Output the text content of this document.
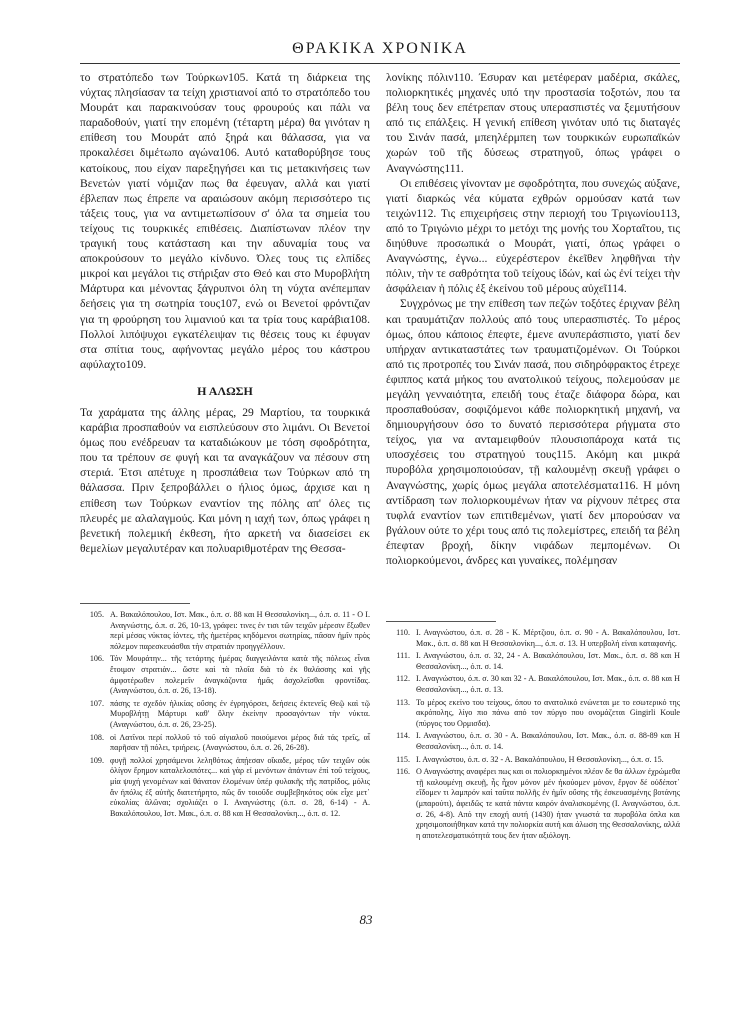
ΘΡΑΚΙΚΑ ΧΡΟΝΙΚΑ

το στρατόπεδο των Τούρκων105. Κατά τη διάρκεια της νύχτας πλησίασαν τα τείχη χριστιανοί από το στρατόπεδο του Μουράτ και παρακινούσαν τους φρουρούς και πάλι να παραδοθούν, γιατί την επομένη (τέταρτη μέρα) θα γινόταν η επίθεση του Μουράτ από ξηρά και θάλασσα, για να προκαλέσει διμέτωπο αγώνα106. Αυτό καταθορύβησε τους κατοίκους, που είχαν παρεξηγήσει και τις μετακινήσεις των Βενετών γιατί νόμιζαν πως θα έφευγαν, αλλά και γιατί έβλεπαν πως έπρεπε να αραιώσουν ακόμη περισσότερο τις τάξεις τους, για να αντιμετωπίσουν σ' όλα τα σημεία του τείχους τις τουρκικές επιθέσεις. Διαπίστωναν πλέον την τραγική τους κατάσταση και την αδυναμία τους να αποκρούσουν το μεγάλο κίνδυνο. Όλες τους τις ελπίδες μικροί και μεγάλοι τις στήριξαν στο Θεό και στο Μυροβλήτη Μάρτυρα και μένοντας ξάγρυπνοι όλη τη νύχτα ανέπεμπαν δεήσεις για τη σωτηρία τους107, ενώ οι Βενετοί φρόντιζαν για τη φρούρηση του λιμανιού και τα τρία τους καράβια108. Πολλοί λιπόψυχοι εγκατέλειψαν τις θέσεις τους κι έφυγαν στα σπίτια τους, αφήνοντας μεγάλο μέρος του κάστρου αφύλαχτο109.

Η ΑΛΩΣΗ

Τα χαράματα της άλλης μέρας, 29 Μαρτίου, τα τουρκικά καράβια προσπαθούν να εισπλεύσουν στο λιμάνι. Οι Βενετοί όμως που ενέδρευαν τα καταδιώκουν με τόση σφοδρότητα, που τα τρέπουν σε φυγή και τα αναγκάζουν να πέσουν στη στεριά. Έτσι απέτυχε η προσπάθεια των Τούρκων από τη θάλασσα. Πριν ξεπροβάλλει ο ήλιος όμως, άρχισε και η επίθεση των Τούρκων εναντίον της πόλης απ' όλες τις πλευρές με αλαλαγμούς. Και μόνη η ιαχή των, όπως γράφει η βενετική πολεμική έκθεση, ήτο αρκετή να διασείσει εκ θεμελίων μεγαλυτέραν και πολυαριθμοτέραν της Θεσσα-

λονίκης πόλιν110. Έσυραν και μετέφεραν μαδέρια, σκάλες, πολιορκητικές μηχανές υπό την προστασία τοξοτών, που τα βέλη τους δεν επέτρεπαν στους υπερασπιστές να ξεμυτήσουν από τις επάλξεις. Η γενική επίθεση γινόταν υπό τις διαταγές του Σινάν πασά, μπεηλέρμπεη των τουρκικών ευρωπαϊκών χωρών τοῦ τῆς δύσεως στρατηγοῦ, όπως γράφει ο Αναγνώστης111.

Οι επιθέσεις γίνονταν με σφοδρότητα, που συνεχώς αύξανε, γιατί διαρκώς νέα κύματα εχθρών ορμούσαν κατά των τειχών112. Τις επιχειρήσεις στην περιοχή του Τριγωνίου113, από το Τριγώνιο μέχρι το μετόχι της μονής του Χορταΐτου, τις διηύθυνε προσωπικά ο Μουράτ, γιατί, όπως γράφει ο Αναγνώστης, ἐγνω... εὐχερέστερον ἐκεῖθεν ληφθῆναι τὴν πόλιν, τὴν τε σαθρότητα τοῦ τείχους ἰδών, καί ὡς ἐνί τείχει τὴν ἀσφάλειαν ἡ πόλις ἐξ ἐκείνου τοῦ μέρους αὐχεῖ114.

Συγχρόνως με την επίθεση των πεζών τοξότες έριχναν βέλη και τραυμάτιζαν πολλούς από τους υπερασπιστές. Το μέρος όμως, όπου κάποιος έπεφτε, έμενε ανυπεράσπιστο, γιατί δεν υπήρχαν αντικαταστάτες των τραυματιζομένων. Οι Τούρκοι από τις προτροπές του Σινάν πασά, που σιδηρόφρακτος έτρεχε έφιππος κατά μήκος του ανατολικού τείχους, πολεμούσαν με μεγάλη γενναιότητα, επειδή τους έταζε διάφορα δώρα, και προσπαθούσαν, σοφιζόμενοι κάθε πολιορκητική μηχανή, να δημιουργήσουν όσο το δυνατό περισσότερα ρήγματα στο τείχος, για να ανταμειφθούν πλουσιοπάροχα κατά τις υποσχέσεις του στρατηγού τους115. Ακόμη και μικρά πυροβόλα χρησιμοποιούσαν, τῇ καλουμένῃ σκευῇ γράφει ο Αναγνώστης, χωρίς όμως μεγάλα αποτελέσματα116. Η μόνη αντίδραση των πολιορκουμένων ήταν να ρίχνουν πέτρες στα τυφλά εναντίον των επιτιθεμένων, γιατί δεν μπορούσαν να βγάλουν ούτε το χέρι τους από τις πολεμίστρες, επειδή τα βέλη έπεφταν βροχή, δίκην νιφάδων πεμπομένων. Οι πολιορκούμενοι, άνδρες και γυναίκες, πολέμησαν

105. Α. Βακαλόπουλου, Ιστ. Μακ., ό.π. σ. 88 και Η Θεσσαλονίκη..., ό.π. σ. 11 - Ο Ι. Αναγνώστης, ό.π. σ. 26, 10-13, γράφει: τινες ἐν τισι τῶν τειχῶν μέρεσιν ἔξωθεν περί μέσας νύκτας ἰόντες, τῆς ἡμετέρας κηδόμενοι σωτηρίας, πᾶσαν ἡμῖν πρὸς πόλεμον παρεσκευάσθαι τὴν στρατιάν προηγγέλλουν.
106. Τόν Μουράτην... τῆς τετάρτης ἡμέρας διαγγειλάντα κατὰ τῆς πόλεως εἶναι ἔτοιμον στρατιὰν... ὥστε καὶ τὰ πλοῖα διὰ τὸ ἐκ θαλάσσης καὶ γῆς ἀμφοτέρωθεν πολεμεῖν ἀναγκάζοντα ἡμᾶς ἀσχολεῖσθαι φροντίδας. (Αναγνώστου, ό.π. σ. 26, 13-18).
107. πάσης τε σχεδόν ἡλικίας οὔσης ἐν ἐγρηγόρσει, δεήσεις ἐκτενεῖς Θεῷ καὶ τῷ Μυροβλήτῃ Μάρτυρι καθ' ὅλην ἐκείνην προσαγόντων τὴν νύκτα. (Αναγνώστου, ό.π. σ. 26, 23-25).
108. οἱ Λατῖνοι περί πολλοῦ τό τοῦ αἰγιαλοῦ ποιούμενοι μέρος διά τάς τρεῖς, αἷ παρῆσαν τῇ πόλει, τριήρεις. (Αναγνώστου, ό.π. σ. 26, 26-28).
109. φυγῇ πολλοί χρησάμενοι λεληθότως ἀπῄεσαν οἴκαδε, μέρος τῶν τειχῶν οὐκ ὀλίγον ἔρημον καταλελοιπότες... καὶ γὰρ εἰ μενόντων ἁπάντων ἐπί τοῦ τείχους, μία ψυχή γενομένων καὶ θάνατον ἑλομένων ὑπέρ φυλακῆς τῆς πατρίδος, μόλις ἄν ἠπόλις ἐξ αὐτῆς διατετήρητο, πῶς ἄν τοιοῦδε συμβεβηκότος οὐκ εἶχε μετ᾽ εὐκολίας ἁλῶναι; σχολιάζει ο Ι. Αναγνώστης (ό.π. σ. 28, 6-14) - Α. Βακαλόπουλου, Ιστ. Μακ., ό.π. σ. 88 και Η Θεσσαλονίκη..., ό.π. σ. 12.
110. Ι. Αναγνώστου, ό.π. σ. 28 - Κ. Μέρτζιου, ό.π. σ. 90 - Α. Βακαλόπουλου, Ιστ. Μακ., ό.π. σ. 88 και Η Θεσσαλονίκη..., ό.π. σ. 13. Η υπερβολή είναι καταφανής.
111. Ι. Αναγνώστου, ό.π. σ. 32, 24 - Α. Βακαλόπουλου, Ιστ. Μακ., ό.π. σ. 88 και Η Θεσσαλονίκη..., ό.π. σ. 14.
112. Ι. Αναγνώστου, ό.π. σ. 30 και 32 - Α. Βακαλόπουλου, Ιστ. Μακ., ό.π. σ. 88 και Η Θεσσαλονίκη..., ό.π. σ. 13.
113. Το μέρος εκείνο του τείχους, όπου το ανατολικό ενώνεται με το εσωτερικό της ακρόπολης, λίγο πιο πάνω από τον πύργο που ονομάζεται Gingirli Koule (πύργος του Ορμισδα).
114. Ι. Αναγνώστου, ό.π. σ. 30 - Α. Βακαλόπουλου, Ιστ. Μακ., ό.π. σ. 88-89 και Η Θεσσαλονίκη..., ό.π. σ. 14.
115. Ι. Αναγνώστου, ό.π. σ. 32 - Α. Βακαλόπουλου, Η Θεσσαλονίκη..., ό.π. σ. 15.
116. Ο Αναγνώστης αναφέρει πως και οι πολιορκημένοι πλέον δε θα άλλων ἐχρώμεθα τῇ καλουμένῃ σκευῇ, ἧς ἦχον μόνον μέν ἠκούομεν μόνον, ἔργον δέ οὐδέποτ᾽ εἴδομεν τι λαμπρόν καί ταῦτα πολλῆς ἐν ἡμῖν οὔσης τῆς ἐσκευασμένης βοτάνης (μπαρούτι), ἀφειδῶς τε κατά πάντα καιρόν ἀναλισκομένης (Ι. Αναγνώστου, ό.π. σ. 26, 4-8). Από την εποχή αυτή (1430) ήταν γνωστά τα πυροβόλα όπλα και χρησιμοποιήθηκαν κατά την πολιορκία αυτή και άλωση της Θεσσαλονίκης, αλλά η αποτελεσματικότητά τους δεν ήταν αξιόλογη.
83
